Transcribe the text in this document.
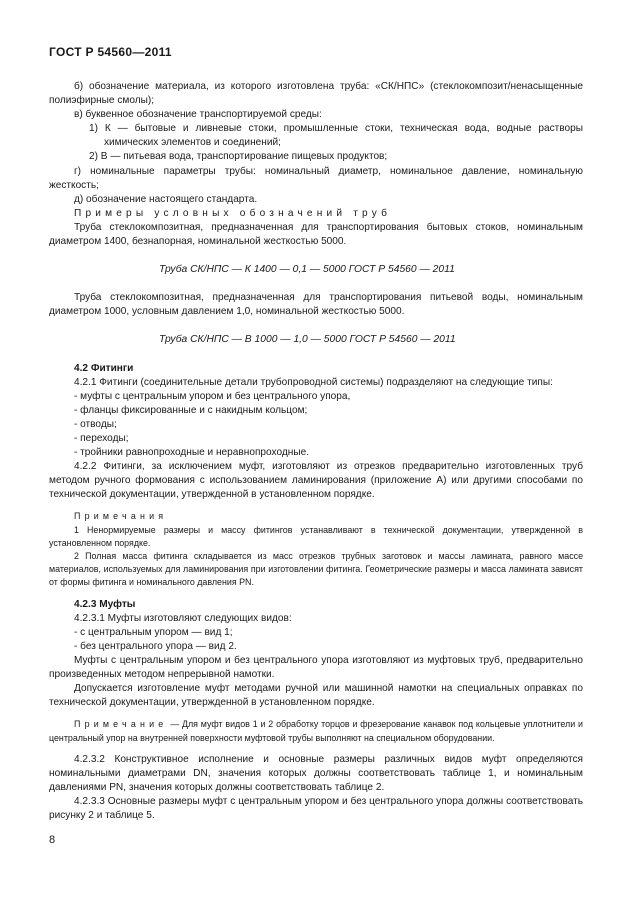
ГОСТ Р 54560—2011

б) обозначение материала, из которого изготовлена труба: «СК/НПС» (стеклокомпозит/ненасыщенные полиэфирные смолы);

в) буквенное обозначение транспортируемой среды:

1) К — бытовые и ливневые стоки, промышленные стоки, техническая вода, водные растворы химических элементов и соединений;

2) В — питьевая вода, транспортирование пищевых продуктов;

г) номинальные параметры трубы: номинальный диаметр, номинальное давление, номинальную жесткость;

д) обозначение настоящего стандарта.

Примеры условных обозначений труб

Труба стеклокомпозитная, предназначенная для транспортирования бытовых стоков, номинальным диаметром 1400, безнапорная, номинальной жесткостью 5000.

Труба СК/НПС — К 1400 — 0,1 — 5000 ГОСТ Р 54560 — 2011

Труба стеклокомпозитная, предназначенная для транспортирования питьевой воды, номинальным диаметром 1000, условным давлением 1,0, номинальной жесткостью 5000.

Труба СК/НПС — В 1000 — 1,0 — 5000 ГОСТ Р 54560 — 2011

4.2 Фитинги

4.2.1 Фитинги (соединительные детали трубопроводной системы) подразделяют на следующие типы:

- муфты с центральным упором и без центрального упора,

- фланцы фиксированные и с накидным кольцом;

- отводы;

- переходы;

- тройники равнопроходные и неравнопроходные.

4.2.2 Фитинги, за исключением муфт, изготовляют из отрезков предварительно изготовленных труб методом ручного формования с использованием ламинирования (приложение А) или другими способами по технической документации, утвержденной в установленном порядке.

Примечания

1 Ненормируемые размеры и массу фитингов устанавливают в технической документации, утвержденной в установленном порядке.

2 Полная масса фитинга складывается из масс отрезков трубных заготовок и массы ламината, равного массе материалов, используемых для ламинирования при изготовлении фитинга. Геометрические размеры и масса ламината зависят от формы фитинга и номинального давления PN.

4.2.3 Муфты

4.2.3.1 Муфты изготовляют следующих видов:

- с центральным упором — вид 1;

- без центрального упора — вид 2.

Муфты с центральным упором и без центрального упора изготовляют из муфтовых труб, предварительно произведенных методом непрерывной намотки.

Допускается изготовление муфт методами ручной или машинной намотки на специальных оправках по технической документации, утвержденной в установленном порядке.

Примечание — Для муфт видов 1 и 2 обработку торцов и фрезерование канавок под кольцевые уплотнители и центральный упор на внутренней поверхности муфтовой трубы выполняют на специальном оборудовании.

4.2.3.2 Конструктивное исполнение и основные размеры различных видов муфт определяются номинальными диаметрами DN, значения которых должны соответствовать таблице 1, и номинальным давлениями PN, значения которых должны соответствовать таблице 2.

4.2.3.3 Основные размеры муфт с центральным упором и без центрального упора должны соответствовать рисунку 2 и таблице 5.

8
